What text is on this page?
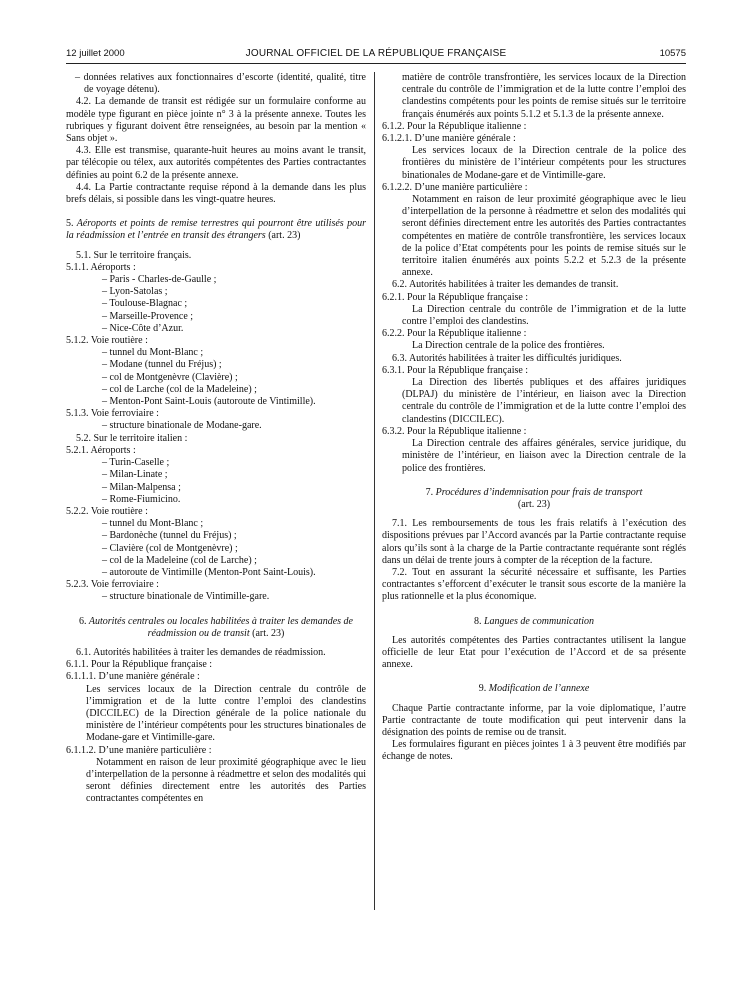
12 juillet 2000	JOURNAL OFFICIEL DE LA RÉPUBLIQUE FRANÇAISE	10575

– données relatives aux fonctionnaires d’escorte (identité, qualité, titre de voyage détenu).

4.2. La demande de transit est rédigée sur un formulaire conforme au modèle type figurant en pièce jointe n° 3 à la présente annexe. Toutes les rubriques y figurant doivent être renseignées, au besoin par la mention « Sans objet ».

4.3. Elle est transmise, quarante-huit heures au moins avant le transit, par télécopie ou télex, aux autorités compétentes des Parties contractantes définies au point 6.2 de la présente annexe.

4.4. La Partie contractante requise répond à la demande dans les plus brefs délais, si possible dans les vingt-quatre heures.

5. Aéroports et points de remise terrestres qui pourront être utilisés pour la réadmission et l’entrée en transit des étrangers (art. 23)

5.1. Sur le territoire français.

5.1.1. Aéroports :

– Paris - Charles-de-Gaulle ;

– Lyon-Satolas ;

– Toulouse-Blagnac ;

– Marseille-Provence ;

– Nice-Côte d’Azur.

5.1.2. Voie routière :

– tunnel du Mont-Blanc ;

– Modane (tunnel du Fréjus) ;

– col de Montgenèvre (Clavière) ;

– col de Larche (col de la Madeleine) ;

– Menton-Pont Saint-Louis (autoroute de Vintimille).

5.1.3. Voie ferroviaire :

– structure binationale de Modane-gare.

5.2. Sur le territoire italien :

5.2.1. Aéroports :

– Turin-Caselle ;

– Milan-Linate ;

– Milan-Malpensa ;

– Rome-Fiumicino.

5.2.2. Voie routière :

– tunnel du Mont-Blanc ;

– Bardonèche (tunnel du Fréjus) ;

– Clavière (col de Montgenèvre) ;

– col de la Madeleine (col de Larche) ;

– autoroute de Vintimille (Menton-Pont Saint-Louis).

5.2.3. Voie ferroviaire :

– structure binationale de Vintimille-gare.

6. Autorités centrales ou locales habilitées à traiter les demandes de réadmission ou de transit (art. 23)

6.1. Autorités habilitées à traiter les demandes de réadmission.

6.1.1. Pour la République française :

6.1.1.1. D’une manière générale :

Les services locaux de la Direction centrale du contrôle de l’immigration et de la lutte contre l’emploi des clandestins (DICCILEC) de la Direction générale de la police nationale du ministère de l’intérieur compétents pour les structures binationales de Modane-gare et Vintimille-gare.

6.1.1.2. D’une manière particulière :

Notamment en raison de leur proximité géographique avec le lieu d’interpellation de la personne à réadmettre et selon des modalités qui seront définies directement entre les autorités des Parties contractantes compétentes en

matière de contrôle transfrontière, les services locaux de la Direction centrale du contrôle de l’immigration et de la lutte contre l’emploi des clandestins compétents pour les points de remise situés sur le territoire français énumérés aux points 5.1.2 et 5.1.3 de la présente annexe.

6.1.2. Pour la République italienne :

6.1.2.1. D’une manière générale :

Les services locaux de la Direction centrale de la police des frontières du ministère de l’intérieur compétents pour les structures binationales de Modane-gare et de Vintimille-gare.

6.1.2.2. D’une manière particulière :

Notamment en raison de leur proximité géographique avec le lieu d’interpellation de la personne à réadmettre et selon des modalités qui seront définies directement entre les autorités des Parties contractantes compétentes en matière de contrôle transfrontière, les services locaux de la police d’Etat compétents pour les points de remise situés sur le territoire italien énumérés aux points 5.2.2 et 5.2.3 de la présente annexe.

6.2. Autorités habilitées à traiter les demandes de transit.

6.2.1. Pour la République française :

La Direction centrale du contrôle de l’immigration et de la lutte contre l’emploi des clandestins.

6.2.2. Pour la République italienne :

La Direction centrale de la police des frontières.

6.3. Autorités habilitées à traiter les difficultés juridiques.

6.3.1. Pour la République française :

La Direction des libertés publiques et des affaires juridiques (DLPAJ) du ministère de l’intérieur, en liaison avec la Direction centrale du contrôle de l’immigration et de la lutte contre l’emploi des clandestins (DICCILEC).

6.3.2. Pour la République italienne :

La Direction centrale des affaires générales, service juridique, du ministère de l’intérieur, en liaison avec la Direction centrale de la police des frontières.

7. Procédures d’indemnisation pour frais de transport
(art. 23)

7.1. Les remboursements de tous les frais relatifs à l’exécution des dispositions prévues par l’Accord avancés par la Partie contractante requise alors qu’ils sont à la charge de la Partie contractante requérante sont réglés dans un délai de trente jours à compter de la réception de la facture.

7.2. Tout en assurant la sécurité nécessaire et suffisante, les Parties contractantes s’efforcent d’exécuter le transit sous escorte de la manière la plus rationnelle et la plus économique.

8. Langues de communication

Les autorités compétentes des Parties contractantes utilisent la langue officielle de leur Etat pour l’exécution de l’Accord et de sa présente annexe.

9. Modification de l’annexe

Chaque Partie contractante informe, par la voie diplomatique, l’autre Partie contractante de toute modification qui peut intervenir dans la désignation des points de remise ou de transit.

Les formulaires figurant en pièces jointes 1 à 3 peuvent être modifiés par échange de notes.
